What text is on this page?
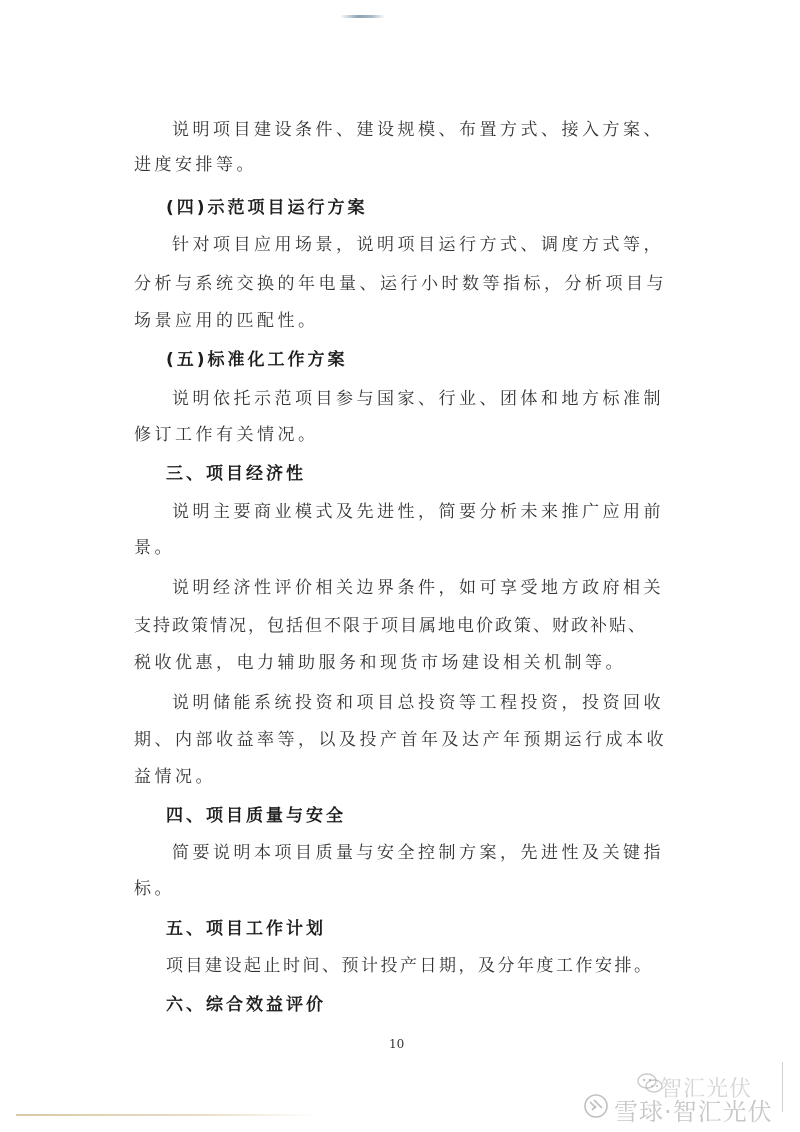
说明项目建设条件、建设规模、布置方式、接入方案、
进度安排等。
(四)示范项目运行方案
针对项目应用场景，说明项目运行方式、调度方式等，
分析与系统交换的年电量、运行小时数等指标，分析项目与
场景应用的匹配性。
(五)标准化工作方案
说明依托示范项目参与国家、行业、团体和地方标准制
修订工作有关情况。
三、项目经济性
说明主要商业模式及先进性，简要分析未来推广应用前
景。
说明经济性评价相关边界条件，如可享受地方政府相关
支持政策情况，包括但不限于项目属地电价政策、财政补贴、
税收优惠，电力辅助服务和现货市场建设相关机制等。
说明储能系统投资和项目总投资等工程投资，投资回收
期、内部收益率等，以及投产首年及达产年预期运行成本收
益情况。
四、项目质量与安全
简要说明本项目质量与安全控制方案，先进性及关键指
标。
五、项目工作计划
项目建设起止时间、预计投产日期，及分年度工作安排。
六、综合效益评价
10
智汇光伏
雪球·智汇光伏
